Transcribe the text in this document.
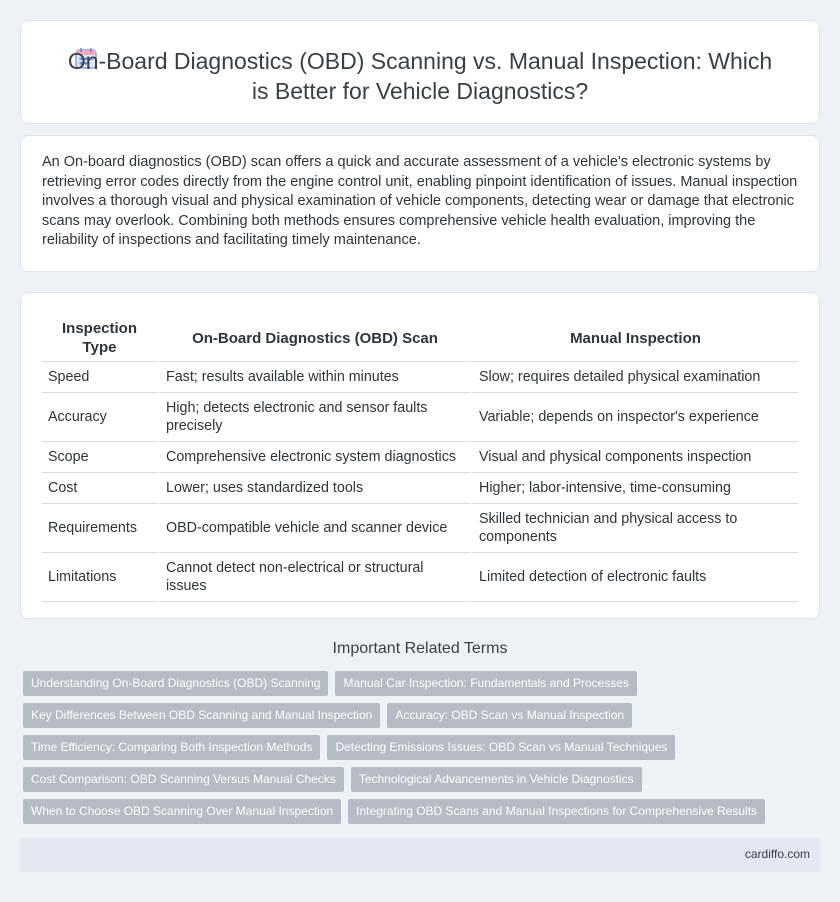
On-Board Diagnostics (OBD) Scanning vs. Manual Inspection: Which is Better for Vehicle Diagnostics?

An On-board diagnostics (OBD) scan offers a quick and accurate assessment of a vehicle's electronic systems by retrieving error codes directly from the engine control unit, enabling pinpoint identification of issues. Manual inspection involves a thorough visual and physical examination of vehicle components, detecting wear or damage that electronic scans may overlook. Combining both methods ensures comprehensive vehicle health evaluation, improving the reliability of inspections and facilitating timely maintenance.

Inspection Type	On-Board Diagnostics (OBD) Scan	Manual Inspection
Speed	Fast; results available within minutes	Slow; requires detailed physical examination
Accuracy	High; detects electronic and sensor faults precisely	Variable; depends on inspector's experience
Scope	Comprehensive electronic system diagnostics	Visual and physical components inspection
Cost	Lower; uses standardized tools	Higher; labor-intensive, time-consuming
Requirements	OBD-compatible vehicle and scanner device	Skilled technician and physical access to components
Limitations	Cannot detect non-electrical or structural issues	Limited detection of electronic faults
Important Related Terms
Understanding On-Board Diagnostics (OBD) Scanning	Manual Car Inspection: Fundamentals and Processes
Key Differences Between OBD Scanning and Manual Inspection	Accuracy: OBD Scan vs Manual Inspection
Time Efficiency: Comparing Both Inspection Methods	Detecting Emissions Issues: OBD Scan vs Manual Techniques
Cost Comparison: OBD Scanning Versus Manual Checks	Technological Advancements in Vehicle Diagnostics
When to Choose OBD Scanning Over Manual Inspection	Integrating OBD Scans and Manual Inspections for Comprehensive Results
cardiffo.com
